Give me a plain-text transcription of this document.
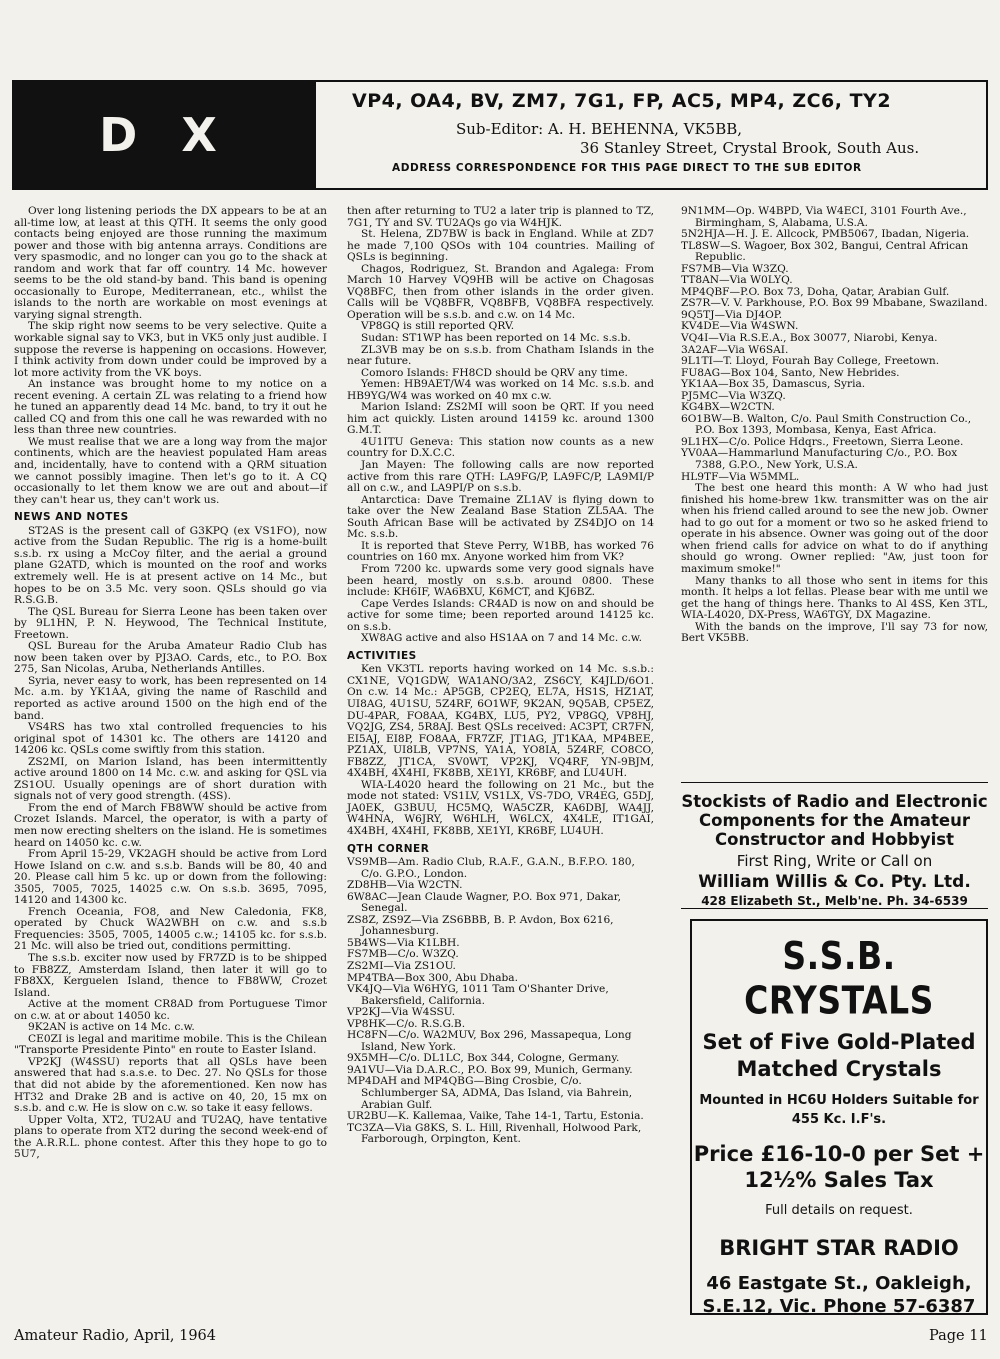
D X
VP4, OA4, BV, ZM7, 7G1, FP, AC5, MP4, ZC6, TY2
Sub-Editor: A. H. BEHENNA, VK5BB,
36 Stanley Street, Crystal Brook, South Aus.
ADDRESS CORRESPONDENCE FOR THIS PAGE DIRECT TO THE SUB EDITOR

Over long listening periods the DX appears to be at an all-time low, at least at this QTH. It seems the only good contacts being enjoyed are those running the maximum power and those with big antenna arrays. Conditions are very spasmodic, and no longer can you go to the shack at random and work that far off country. 14 Mc. however seems to be the old stand-by band. This band is opening occasionally to Europe, Mediterranean, etc., whilst the islands to the north are workable on most evenings at varying signal strength.

The skip right now seems to be very selective. Quite a workable signal say to VK3, but in VK5 only just audible. I suppose the reverse is happening on occasions. However, I think activity from down under could be improved by a lot more activity from the VK boys.

An instance was brought home to my notice on a recent evening. A certain ZL was relating to a friend how he tuned an apparently dead 14 Mc. band, to try it out he called CQ and from this one call he was rewarded with no less than three new countries.

We must realise that we are a long way from the major continents, which are the heaviest populated Ham areas and, incidentally, have to contend with a QRM situation we cannot possibly imagine. Then let's go to it. A CQ occasionally to let them know we are out and about—if they can't hear us, they can't work us.

NEWS AND NOTES

ST2AS is the present call of G3KPQ (ex VS1FO), now active from the Sudan Republic. The rig is a home-built s.s.b. rx using a McCoy filter, and the aerial a ground plane G2ATD, which is mounted on the roof and works extremely well. He is at present active on 14 Mc., but hopes to be on 3.5 Mc. very soon. QSLs should go via R.S.G.B.

The QSL Bureau for Sierra Leone has been taken over by 9L1HN, P. N. Heywood, The Technical Institute, Freetown.

QSL Bureau for the Aruba Amateur Radio Club has now been taken over by PJ3AO. Cards, etc., to P.O. Box 275, San Nicolas, Aruba, Netherlands Antilles.

Syria, never easy to work, has been represented on 14 Mc. a.m. by YK1AA, giving the name of Raschild and reported as active around 1500 on the high end of the band.

VS4RS has two xtal controlled frequencies to his original spot of 14301 kc. The others are 14120 and 14206 kc. QSLs come swiftly from this station.

ZS2MI, on Marion Island, has been intermittently active around 1800 on 14 Mc. c.w. and asking for QSL via ZS1OU. Usually openings are of short duration with signals not of very good strength. (4SS).

From the end of March FB8WW should be active from Crozet Islands. Marcel, the operator, is with a party of men now erecting shelters on the island. He is sometimes heard on 14050 kc. c.w.

From April 15-29, VK2AGH should be active from Lord Howe Island on c.w. and s.s.b. Bands will be 80, 40 and 20. Please call him 5 kc. up or down from the following: 3505, 7005, 7025, 14025 c.w. On s.s.b. 3695, 7095, 14120 and 14300 kc.

French Oceania, FO8, and New Caledonia, FK8, operated by Chuck WA2WBH on c.w. and s.s.b Frequencies: 3505, 7005, 14005 c.w.; 14105 kc. for s.s.b. 21 Mc. will also be tried out, conditions permitting.

The s.s.b. exciter now used by FR7ZD is to be shipped to FB8ZZ, Amsterdam Island, then later it will go to FB8XX, Kerguelen Island, thence to FB8WW, Crozet Island.

Active at the moment CR8AD from Portuguese Timor on c.w. at or about 14050 kc.

9K2AN is active on 14 Mc. c.w.

CE0ZI is legal and maritime mobile. This is the Chilean "Transporte Presidente Pinto" en route to Easter Island.

VP2KJ (W4SSU) reports that all QSLs have been answered that had s.a.s.e. to Dec. 27. No QSLs for those that did not abide by the aforementioned. Ken now has HT32 and Drake 2B and is active on 40, 20, 15 mx on s.s.b. and c.w. He is slow on c.w. so take it easy fellows.

Upper Volta, XT2, TU2AU and TU2AQ, have tentative plans to operate from XT2 during the second week-end of the A.R.R.L. phone contest. After this they hope to go to 5U7,

then after returning to TU2 a later trip is planned to TZ, 7G1, TY and SV. TU2AQs go via W4HJK.

St. Helena, ZD7BW is back in England. While at ZD7 he made 7,100 QSOs with 104 countries. Mailing of QSLs is beginning.

Chagos, Rodriguez, St. Brandon and Agalega: From March 10 Harvey VQ9HB will be active on Chagosas VQ8BFC, then from other islands in the order given. Calls will be VQ8BFR, VQ8BFB, VQ8BFA respectively. Operation will be s.s.b. and c.w. on 14 Mc.

VP8GQ is still reported QRV.

Sudan: ST1WP has been reported on 14 Mc. s.s.b.

ZL3VB may be on s.s.b. from Chatham Islands in the near future.

Comoro Islands: FH8CD should be QRV any time.

Yemen: HB9AET/W4 was worked on 14 Mc. s.s.b. and HB9YG/W4 was worked on 40 mx c.w.

Marion Island: ZS2MI will soon be QRT. If you need him act quickly. Listen around 14159 kc. around 1300 G.M.T.

4U1ITU Geneva: This station now counts as a new country for D.X.C.C.

Jan Mayen: The following calls are now reported active from this rare QTH: LA9FG/P, LA9FC/P, LA9MI/P all on c.w., and LA9PI/P on s.s.b.

Antarctica: Dave Tremaine ZL1AV is flying down to take over the New Zealand Base Station ZL5AA. The South African Base will be activated by ZS4DJO on 14 Mc. s.s.b.

It is reported that Steve Perry, W1BB, has worked 76 countries on 160 mx. Anyone worked him from VK?

From 7200 kc. upwards some very good signals have been heard, mostly on s.s.b. around 0800. These include: KH6IF, WA6BXU, K6MCT, and KJ6BZ.

Cape Verdes Islands: CR4AD is now on and should be active for some time; been reported around 14125 kc. on s.s.b.

XW8AG active and also HS1AA on 7 and 14 Mc. c.w.

ACTIVITIES

Ken VK3TL reports having worked on 14 Mc. s.s.b.: CX1NE, VQ1GDW, WA1ANO/3A2, ZS6CY, K4JLD/6O1. On c.w. 14 Mc.: AP5GB, CP2EQ, EL7A, HS1S, HZ1AT, UI8AG, 4U1SU, 5Z4RF, 6O1WF, 9K2AN, 9Q5AB, CP5EZ, DU-4PAR, FO8AA, KG4BX, LU5, PY2, VP8GQ, VP8HJ, VQ2JG, ZS4, 5R8AJ. Best QSLs received: AC3PT, CR7FN, EI5AJ, EI8P, FO8AA, FR7ZF, JT1AG, JT1KAA, MP4BEE, PZ1AX, UI8LB, VP7NS, YA1A, YO8IA, 5Z4RF, CO8CO, FB8ZZ, JT1CA, SV0WT, VP2KJ, VQ4RF, YN-9BJM, 4X4BH, 4X4HI, FK8BB, XE1YI, KR6BF, and LU4UH.

WIA-L4020 heard the following on 21 Mc., but the mode not stated: VS1LV, VS1LX, VS-7DO, VR4EG, G5DJ, JA0EK, G3BUU, HC5MQ, WA5CZR, KA6DBJ, WA4JJ, W4HNA, W6JRY, W6HLH, W6LCX, 4X4LE, IT1GAI, 4X4BH, 4X4HI, FK8BB, XE1YI, KR6BF, LU4UH.

QTH CORNER

VS9MB—Am. Radio Club, R.A.F., G.A.N., B.F.P.O. 180, C/o. G.P.O., London.

ZD8HB—Via W2CTN.

6W8AC—Jean Claude Wagner, P.O. Box 971, Dakar, Senegal.

ZS8Z, ZS9Z—Via ZS6BBB, B. P. Avdon, Box 6216, Johannesburg.

5B4WS—Via K1LBH.

FS7MB—C/o. W3ZQ.

ZS2MI—Via ZS1OU.

MP4TBA—Box 300, Abu Dhaba.

VK4JQ—Via W6HYG, 1011 Tam O'Shanter Drive, Bakersfield, California.

VP2KJ—Via W4SSU.

VP8HK—C/o. R.S.G.B.

HC8FN—C/o. WA2MUV, Box 296, Massapequa, Long Island, New York.

9X5MH—C/o. DL1LC, Box 344, Cologne, Germany.

9A1VU—Via D.A.R.C., P.O. Box 99, Munich, Germany.

MP4DAH and MP4QBG—Bing Crosbie, C/o. Schlumberger SA, ADMA, Das Island, via Bahrein, Arabian Gulf.

UR2BU—K. Kallemaa, Vaike, Tahe 14-1, Tartu, Estonia.

TC3ZA—Via G8KS, S. L. Hill, Rivenhall, Holwood Park, Farborough, Orpington, Kent.

9N1MM—Op. W4BPD, Via W4ECI, 3101 Fourth Ave., Birmingham, S, Alabama, U.S.A.

5N2HJA—H. J. E. Allcock, PMB5067, Ibadan, Nigeria.

TL8SW—S. Wagoer, Box 302, Bangui, Central African Republic.

FS7MB—Via W3ZQ.

TT8AN—Via W0LYQ.

MP4QBF—P.O. Box 73, Doha, Qatar, Arabian Gulf.

ZS7R—V. V. Parkhouse, P.O. Box 99 Mbabane, Swaziland.

9Q5TJ—Via DJ4OP.

KV4DE—Via W4SWN.

VQ4I—Via R.S.E.A., Box 30077, Niarobi, Kenya.

3A2AF—Via W6SAI.

9L1TI—T. Lloyd, Fourah Bay College, Freetown.

FU8AG—Box 104, Santo, New Hebrides.

YK1AA—Box 35, Damascus, Syria.

PJ5MC—Via W3ZQ.

KG4BX—W2CTN.

6O1BW—B. Walton, C/o. Paul Smith Construction Co., P.O. Box 1393, Mombasa, Kenya, East Africa.

9L1HX—C/o. Police Hdqrs., Freetown, Sierra Leone.

YV0AA—Hammarlund Manufacturing C/o., P.O. Box 7388, G.P.O., New York, U.S.A.

HL9TF—Via W5MML.

The best one heard this month: A W who had just finished his home-brew 1kw. transmitter was on the air when his friend called around to see the new job. Owner had to go out for a moment or two so he asked friend to operate in his absence. Owner was going out of the door when friend calls for advice on what to do if anything should go wrong. Owner replied: "Aw, just toon for maximum smoke!"

Many thanks to all those who sent in items for this month. It helps a lot fellas. Please bear with me until we get the hang of things here. Thanks to Al 4SS, Ken 3TL, WIA-L4020, DX-Press, WA6TGY, DX Magazine.

With the bands on the improve, I'll say 73 for now, Bert VK5BB.

Stockists of Radio and Electronic Components for the Amateur Constructor and Hobbyist
First Ring, Write or Call on
William Willis & Co. Pty. Ltd.
428 Elizabeth St., Melb'ne. Ph. 34-6539
S.S.B. CRYSTALS
Set of Five Gold-Plated Matched Crystals
Mounted in HC6U Holders Suitable for 455 Kc. I.F's.
Price £16-10-0 per Set + 12½% Sales Tax
Full details on request.
BRIGHT STAR RADIO
46 Eastgate St., Oakleigh, S.E.12, Vic. Phone 57-6387
Amateur Radio, April, 1964	Page 11
